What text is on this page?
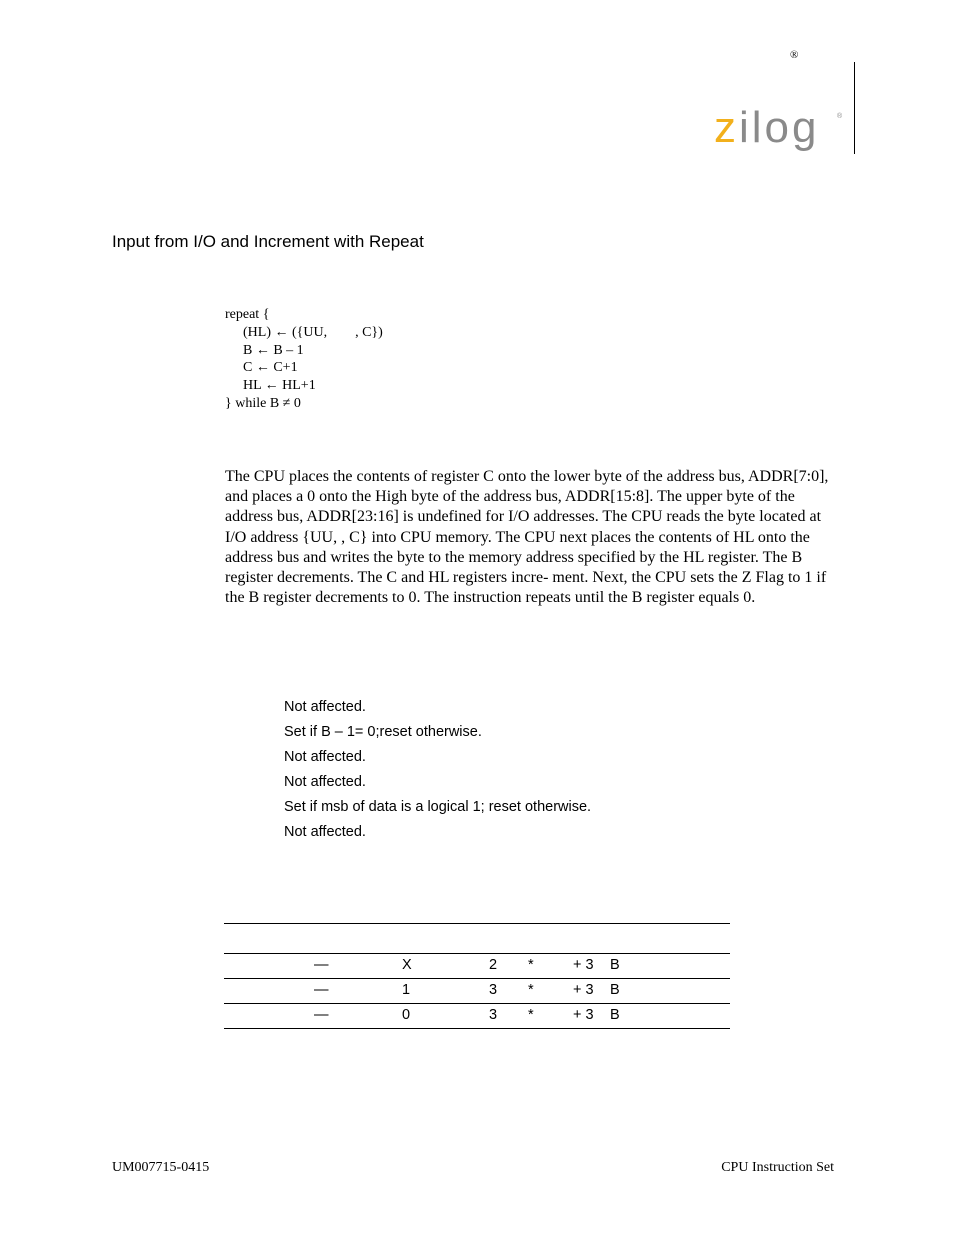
®
zilog	®
Input from I/O and Increment with Repeat
repeat {
(HL) ← ({UU,        , C})
B ← B – 1
C ← C+1
HL ← HL+1
} while B ≠ 0
The CPU places the contents of register C onto the lower byte of the address bus, ADDR[7:0], and places a 0 onto the High byte of the address bus, ADDR[15:8]. The upper byte of the address bus, ADDR[23:16] is undefined for I/O addresses. The CPU reads the byte located at I/O address {UU, , C} into CPU memory. The CPU next places the contents of HL onto the address bus and writes the byte to the memory address specified by the HL register. The B register decrements. The C and HL registers incre- ment. Next, the CPU sets the Z Flag to 1 if the B register decrements to 0. The instruction repeats until the B register equals 0.
Not affected.
Set if B – 1= 0;reset otherwise.
Not affected.
Not affected.
Set if msb of data is a logical 1; reset otherwise.
Not affected.
—	X	2 *	+ 3 B
—	1	3 *	+ 3 B
—	0	3 *	+ 3 B
UM007715-0415	CPU Instruction Set
